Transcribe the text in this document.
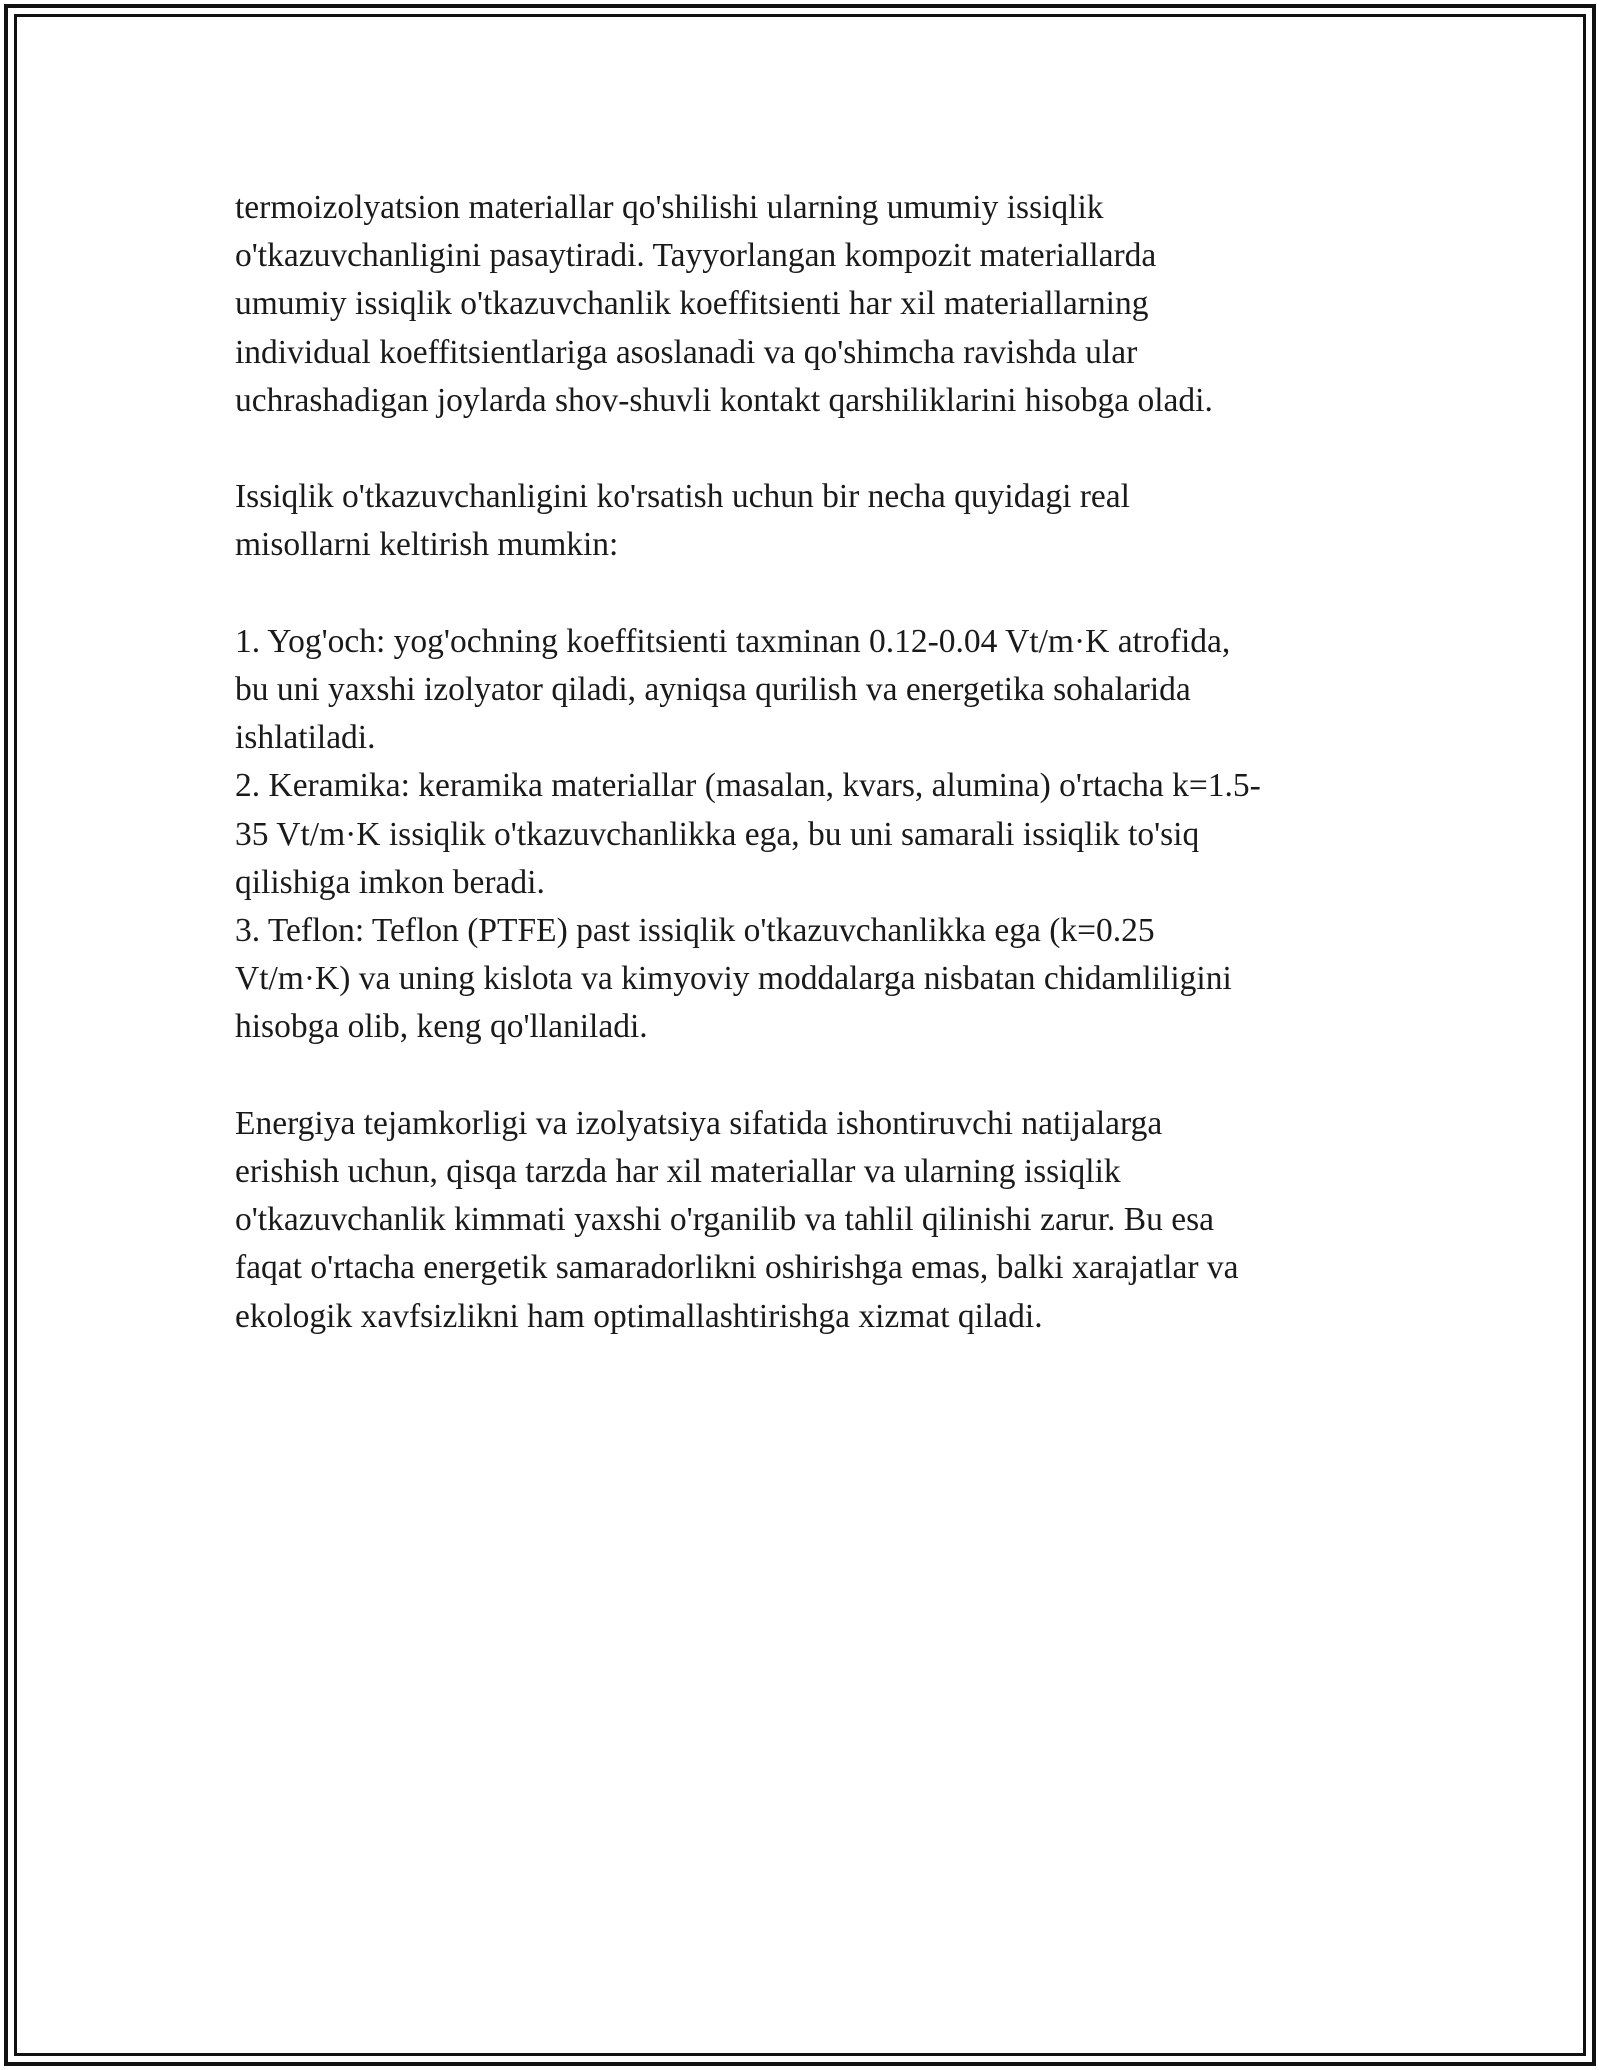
termoizolyatsion materiallar qo'shilishi ularning umumiy issiqlik
o'tkazuvchanligini pasaytiradi. Tayyorlangan kompozit materiallarda
umumiy issiqlik o'tkazuvchanlik koeffitsienti har xil materiallarning
individual koeffitsientlariga asoslanadi va qo'shimcha ravishda ular
uchrashadigan joylarda shov-shuvli kontakt qarshiliklarini hisobga oladi.

Issiqlik o'tkazuvchanligini ko'rsatish uchun bir necha quyidagi real
misollarni keltirish mumkin:

1. Yog'och: yog'ochning koeffitsienti taxminan 0.12-0.04 Vt/m·K atrofida,
bu uni yaxshi izolyator qiladi, ayniqsa qurilish va energetika sohalarida
ishlatiladi.

2. Keramika: keramika materiallar (masalan, kvars, alumina) o'rtacha k=1.5-
35 Vt/m·K issiqlik o'tkazuvchanlikka ega, bu uni samarali issiqlik to'siq
qilishiga imkon beradi.

3. Teflon: Teflon (PTFE) past issiqlik o'tkazuvchanlikka ega (k=0.25
Vt/m·K) va uning kislota va kimyoviy moddalarga nisbatan chidamliligini
hisobga olib, keng qo'llaniladi.

Energiya tejamkorligi va izolyatsiya sifatida ishontiruvchi natijalarga
erishish uchun, qisqa tarzda har xil materiallar va ularning issiqlik
o'tkazuvchanlik kimmati yaxshi o'rganilib va tahlil qilinishi zarur. Bu esa
faqat o'rtacha energetik samaradorlikni oshirishga emas, balki xarajatlar va
ekologik xavfsizlikni ham optimallashtirishga xizmat qiladi.
